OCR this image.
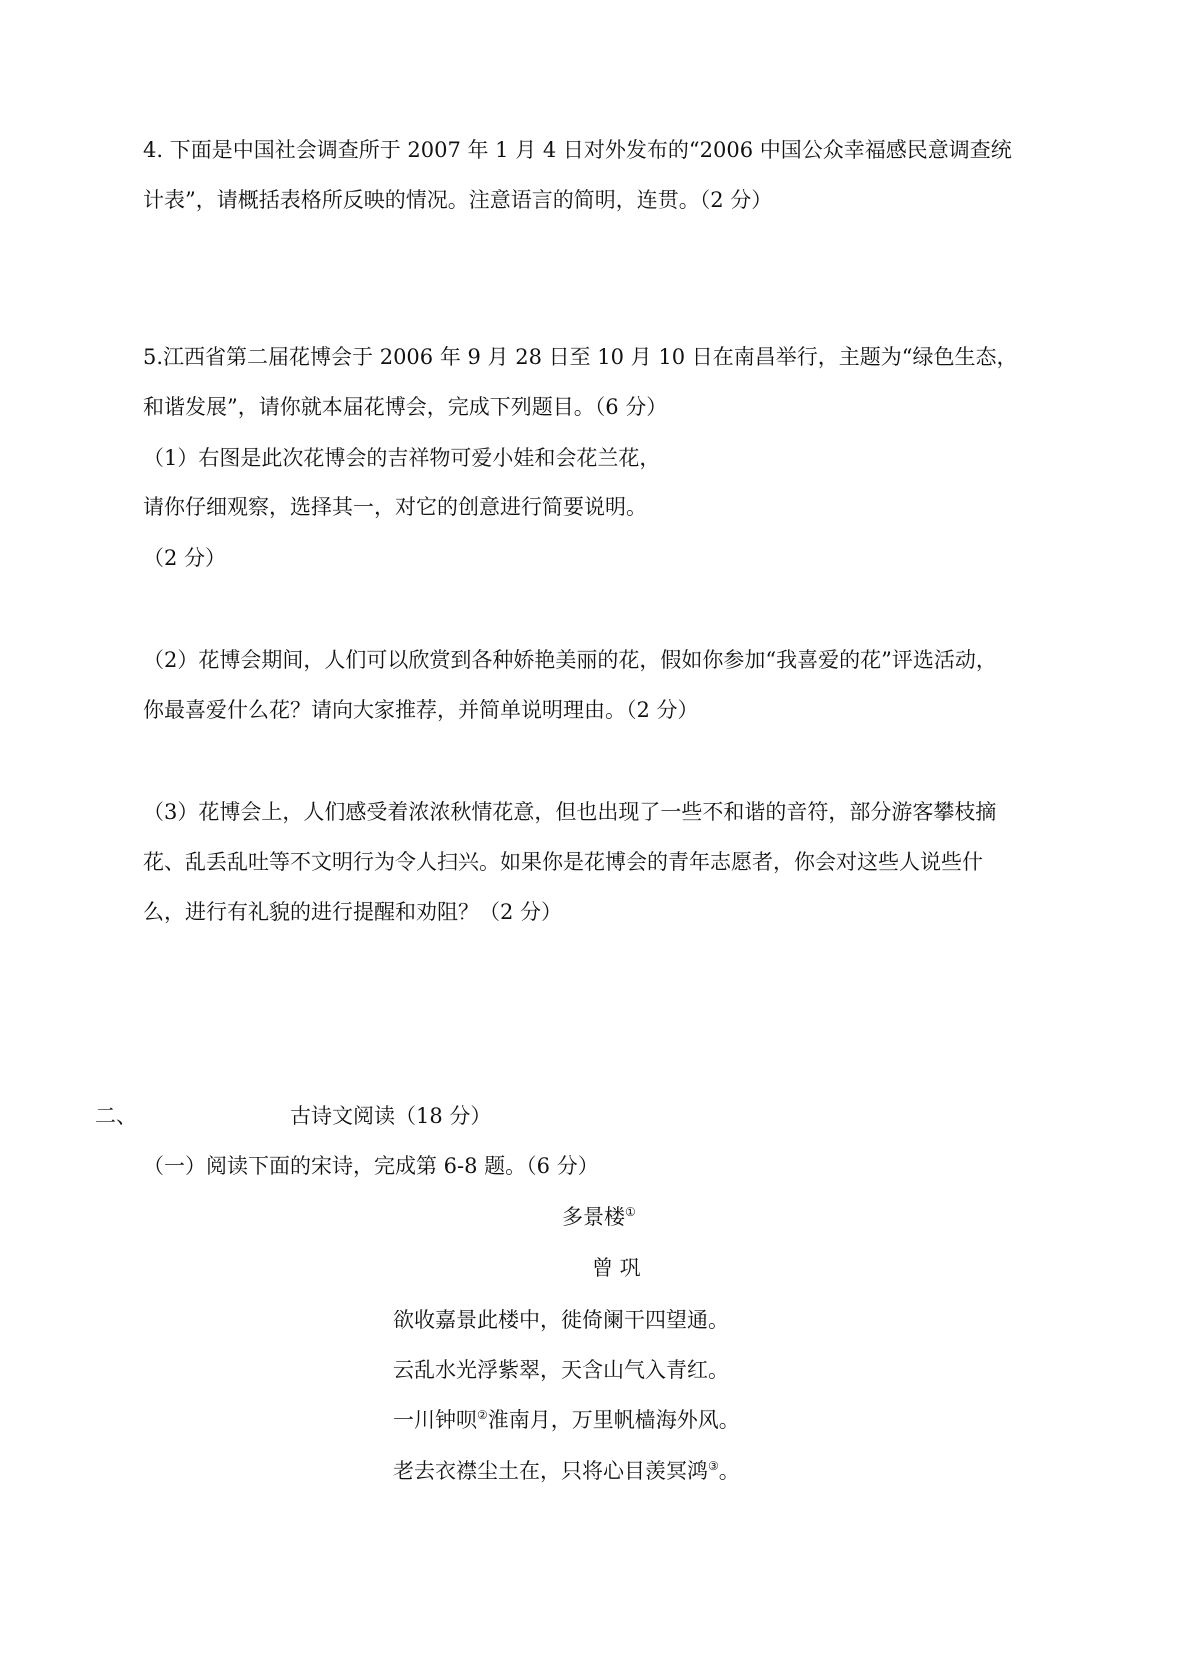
4. 下面是中国社会调查所于 2007 年 1 月 4 日对外发布的“2006 中国公众幸福感民意调查统
计表”，请概括表格所反映的情况。注意语言的简明，连贯。（2 分）
5.江西省第二届花博会于 2006 年 9 月 28 日至 10 月 10 日在南昌举行，主题为“绿色生态，
和谐发展”，请你就本届花博会，完成下列题目。（6 分）
（1）右图是此次花博会的吉祥物可爱小娃和会花兰花，
请你仔细观察，选择其一，对它的创意进行简要说明。
（2 分）
（2）花博会期间，人们可以欣赏到各种娇艳美丽的花，假如你参加“我喜爱的花”评选活动，
你最喜爱什么花？请向大家推荐，并简单说明理由。（2 分）
（3）花博会上，人们感受着浓浓秋情花意，但也出现了一些不和谐的音符，部分游客攀枝摘
花、乱丢乱吐等不文明行为令人扫兴。如果你是花博会的青年志愿者，你会对这些人说些什
么，进行有礼貌的进行提醒和劝阻？（2 分）
二、	古诗文阅读（18 分）
（一）阅读下面的宋诗，完成第 6-8 题。（6 分）
多景楼①
曾 巩
欲收嘉景此楼中，徙倚阑干四望通。
云乱水光浮紫翠，天含山气入青红。
一川钟呗②淮南月，万里帆樯海外风。
老去衣襟尘土在，只将心目羡冥鸿③。
